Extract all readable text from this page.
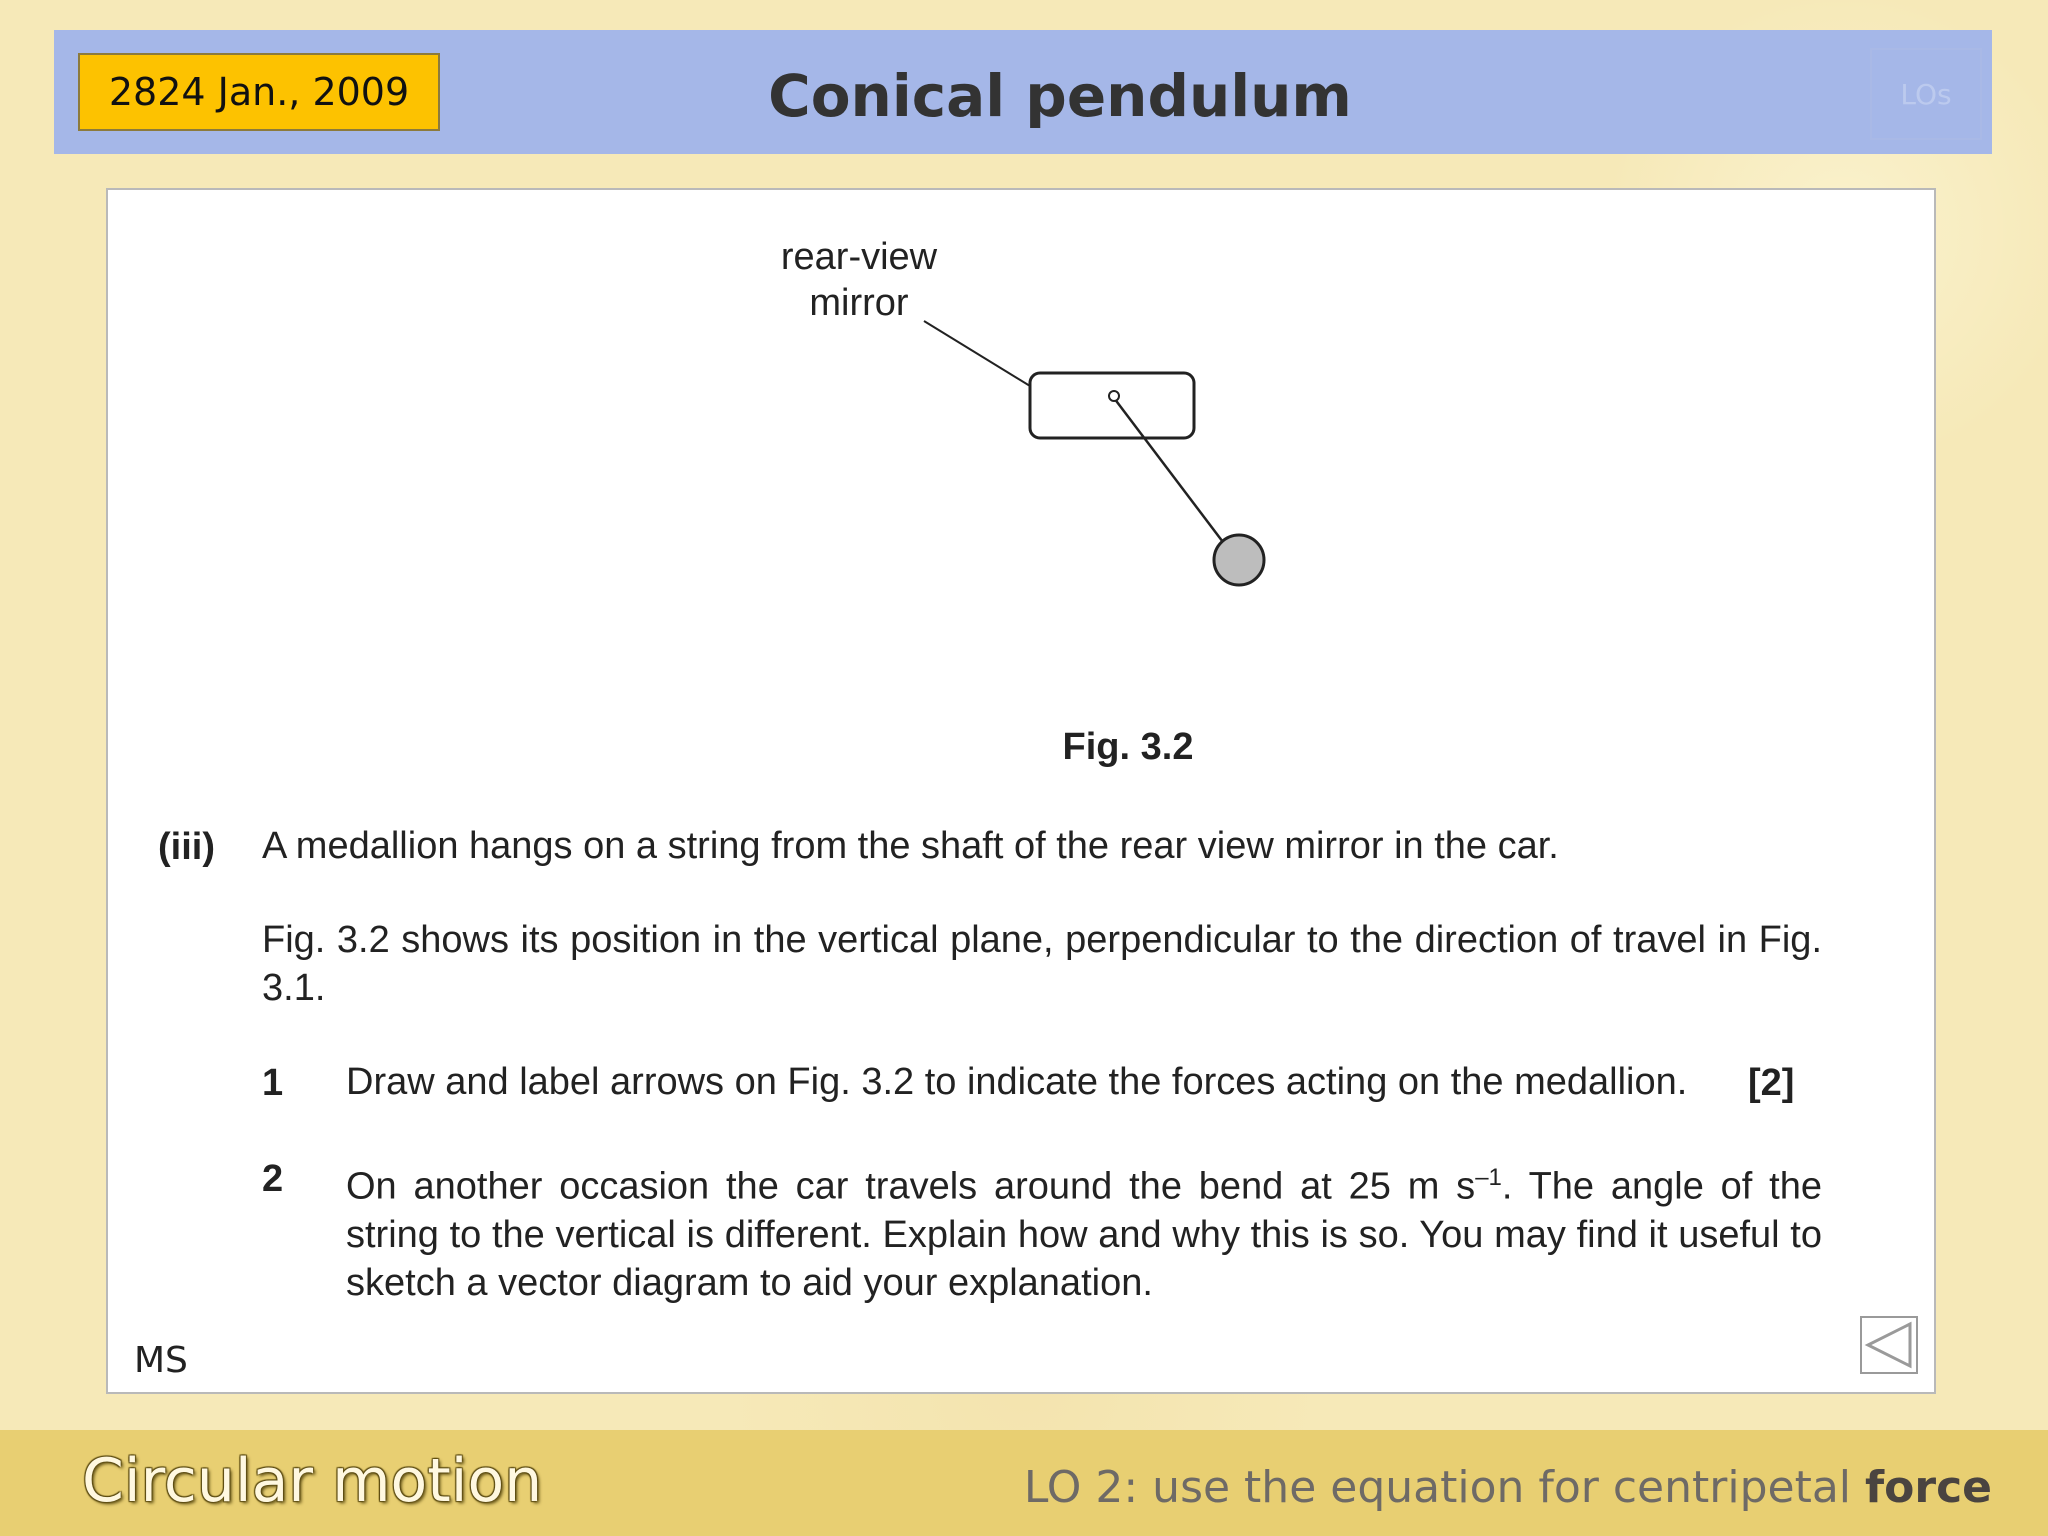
2824 Jan., 2009	Conical pendulum	LOs
rear-view
mirror
Fig. 3.2
(iii) A medallion hangs on a string from the shaft of the rear view mirror in the car.
Fig. 3.2 shows its position in the vertical plane, perpendicular to the direction of travel in Fig. 3.1.
1 Draw and label arrows on Fig. 3.2 to indicate the forces acting on the medallion.	[2]
2 On another occasion the car travels around the bend at 25 m $s^{-1}$. The angle of the string to the vertical is different. Explain how and why this is so. You may find it useful to sketch a vector diagram to aid your explanation.
MS
Circular motion	LO 2: use the equation for centripetal force
